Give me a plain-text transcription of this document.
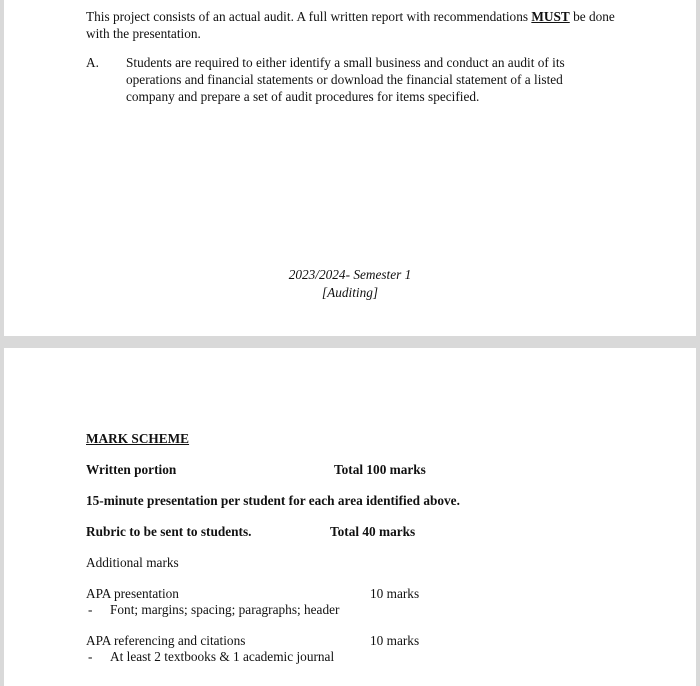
This project consists of an actual audit. A full written report with recommendations MUST be done with the presentation.
A. Students are required to either identify a small business and conduct an audit of its operations and financial statements or download the financial statement of a listed company and prepare a set of audit procedures for items specified.
2023/2024- Semester 1
[Auditing]
MARK SCHEME
Written portion	Total 100 marks
15-minute presentation per student for each area identified above.
Rubric to be sent to students.	Total 40 marks
Additional marks
APA presentation	10 marks
- Font; margins; spacing; paragraphs; header
APA referencing and citations	10 marks
- At least 2 textbooks & 1 academic journal
